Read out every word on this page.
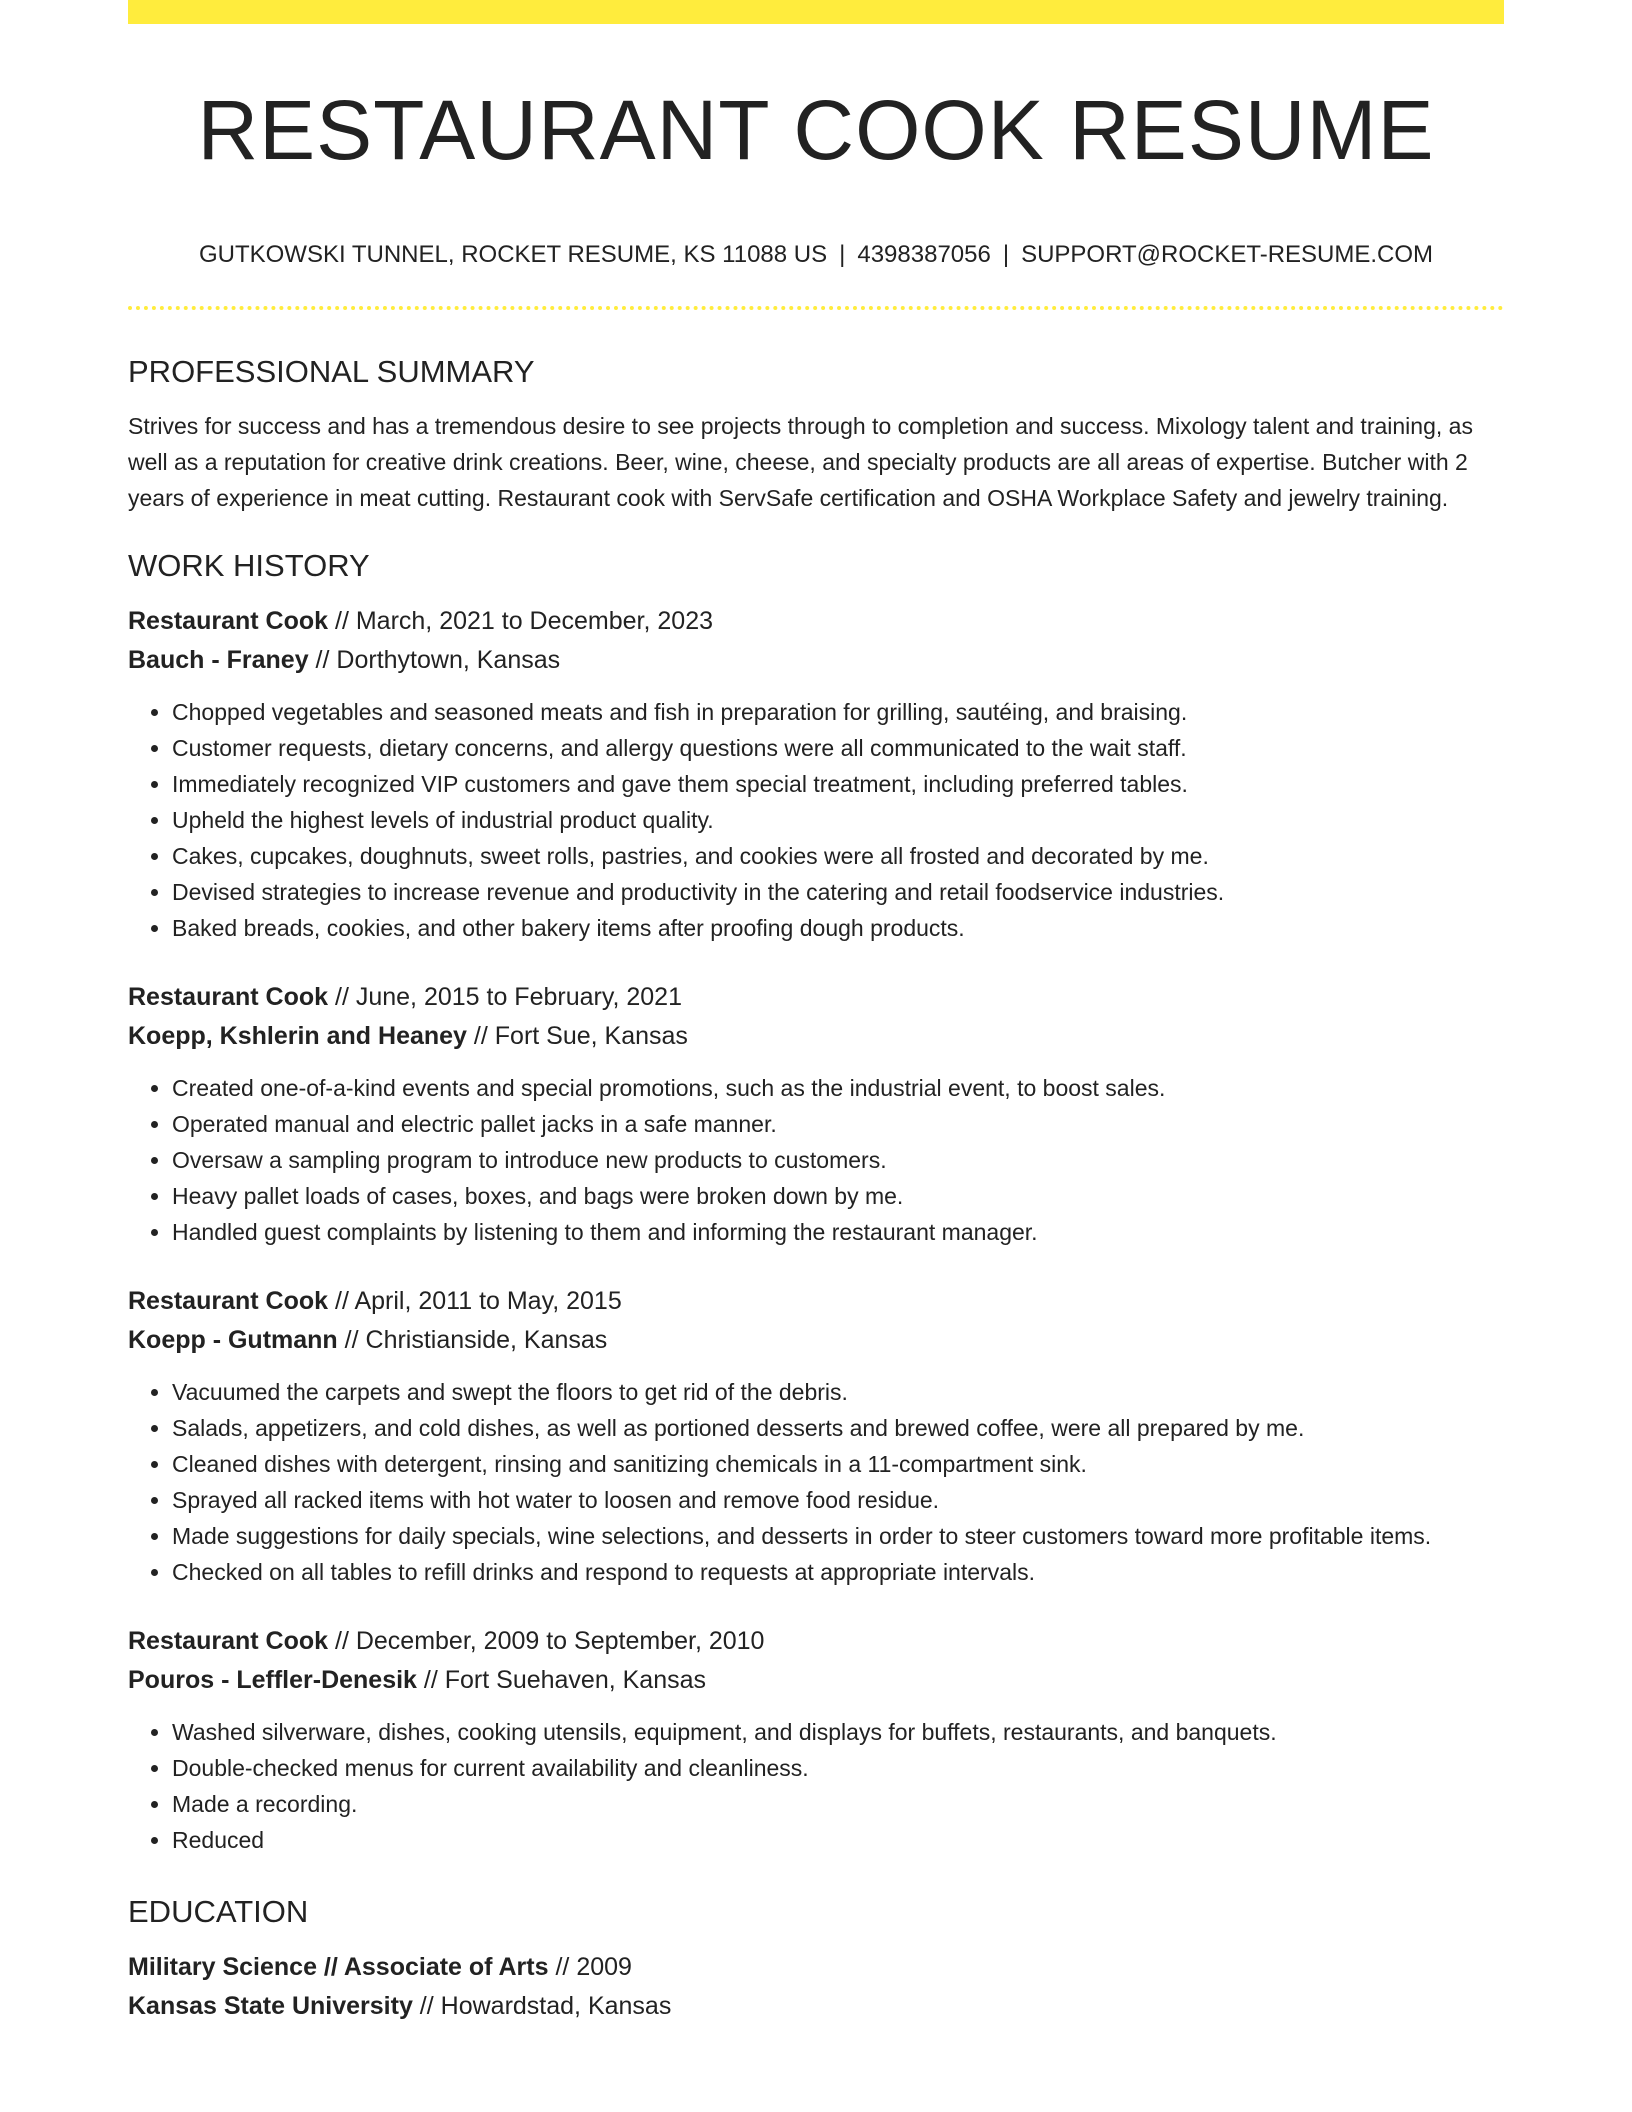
RESTAURANT COOK RESUME
GUTKOWSKI TUNNEL, ROCKET RESUME, KS 11088 US | 4398387056 | SUPPORT@ROCKET-RESUME.COM
PROFESSIONAL SUMMARY

Strives for success and has a tremendous desire to see projects through to completion and success. Mixology talent and training, as well as a reputation for creative drink creations. Beer, wine, cheese, and specialty products are all areas of expertise. Butcher with 2 years of experience in meat cutting. Restaurant cook with ServSafe certification and OSHA Workplace Safety and jewelry training.

WORK HISTORY

Restaurant Cook // March, 2021 to December, 2023

Bauch - Franey // Dorthytown, Kansas

• Chopped vegetables and seasoned meats and fish in preparation for grilling, sautéing, and braising.
• Customer requests, dietary concerns, and allergy questions were all communicated to the wait staff.
• Immediately recognized VIP customers and gave them special treatment, including preferred tables.
• Upheld the highest levels of industrial product quality.
• Cakes, cupcakes, doughnuts, sweet rolls, pastries, and cookies were all frosted and decorated by me.
• Devised strategies to increase revenue and productivity in the catering and retail foodservice industries.
• Baked breads, cookies, and other bakery items after proofing dough products.

Restaurant Cook // June, 2015 to February, 2021

Koepp, Kshlerin and Heaney // Fort Sue, Kansas

• Created one-of-a-kind events and special promotions, such as the industrial event, to boost sales.
• Operated manual and electric pallet jacks in a safe manner.
• Oversaw a sampling program to introduce new products to customers.
• Heavy pallet loads of cases, boxes, and bags were broken down by me.
• Handled guest complaints by listening to them and informing the restaurant manager.

Restaurant Cook // April, 2011 to May, 2015

Koepp - Gutmann // Christianside, Kansas

• Vacuumed the carpets and swept the floors to get rid of the debris.
• Salads, appetizers, and cold dishes, as well as portioned desserts and brewed coffee, were all prepared by me.
• Cleaned dishes with detergent, rinsing and sanitizing chemicals in a 11-compartment sink.
• Sprayed all racked items with hot water to loosen and remove food residue.
• Made suggestions for daily specials, wine selections, and desserts in order to steer customers toward more profitable items.
• Checked on all tables to refill drinks and respond to requests at appropriate intervals.

Restaurant Cook // December, 2009 to September, 2010

Pouros - Leffler-Denesik // Fort Suehaven, Kansas

• Washed silverware, dishes, cooking utensils, equipment, and displays for buffets, restaurants, and banquets.
• Double-checked menus for current availability and cleanliness.
• Made a recording.
• Reduced
EDUCATION

Military Science // Associate of Arts // 2009

Kansas State University // Howardstad, Kansas
